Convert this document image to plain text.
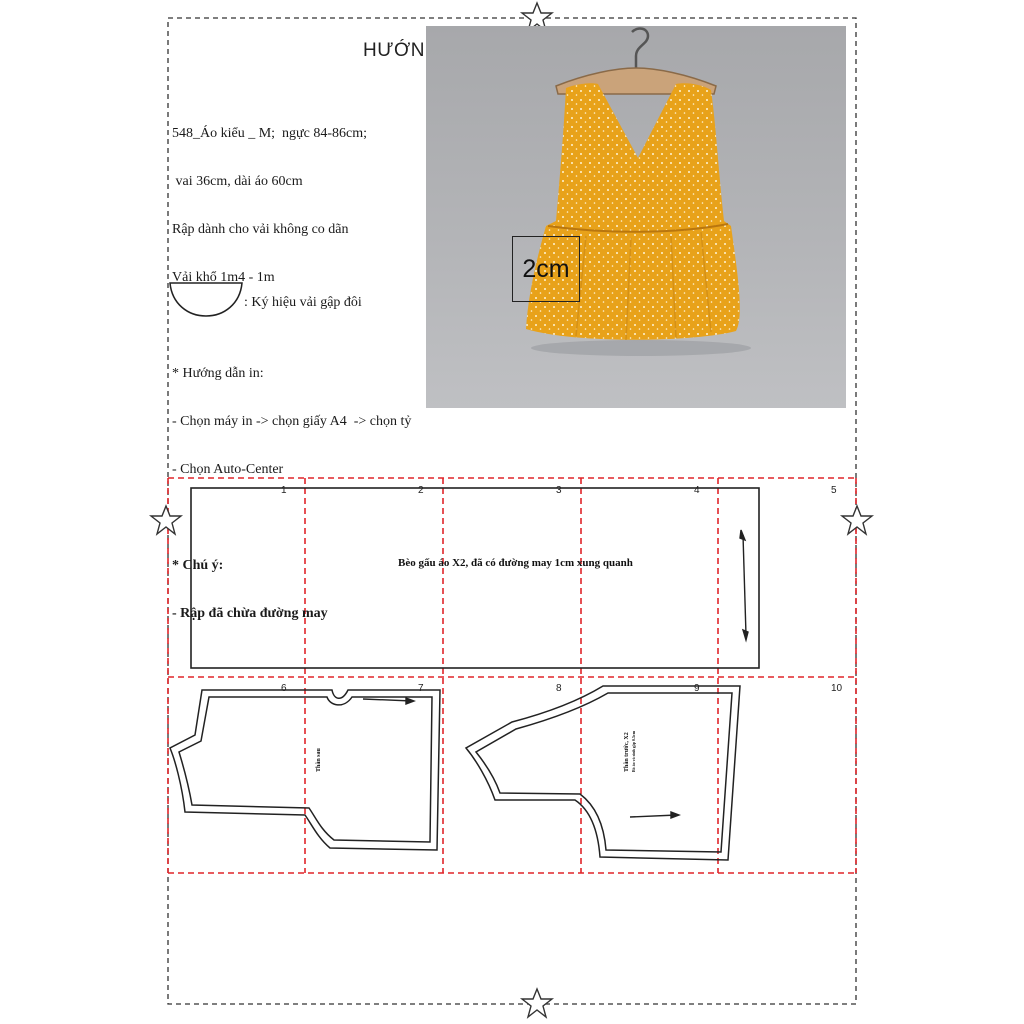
HƯỚN

548_Áo kiểu _ M;  ngực 84-86cm;

vai 36cm, dài áo 60cm

Rập dành cho vải không co dãn

Vải khổ 1m4 - 1m

* Hướng dẫn in:

- Chọn máy in -> chọn giấy A4  -> chọn tỷ

- Chọn Auto-Center

* Chú ý:

- Rập đã chừa đường may

: Ký hiệu vải gập đôi
2cm
1	2	3	4	5
6	7	8	9	10
Bèo gấu áo X2, đã có đường may 1cm xung quanh
Thân sau	Thân trước, X2 Bỏ áo và sinh gập 0.5cm
